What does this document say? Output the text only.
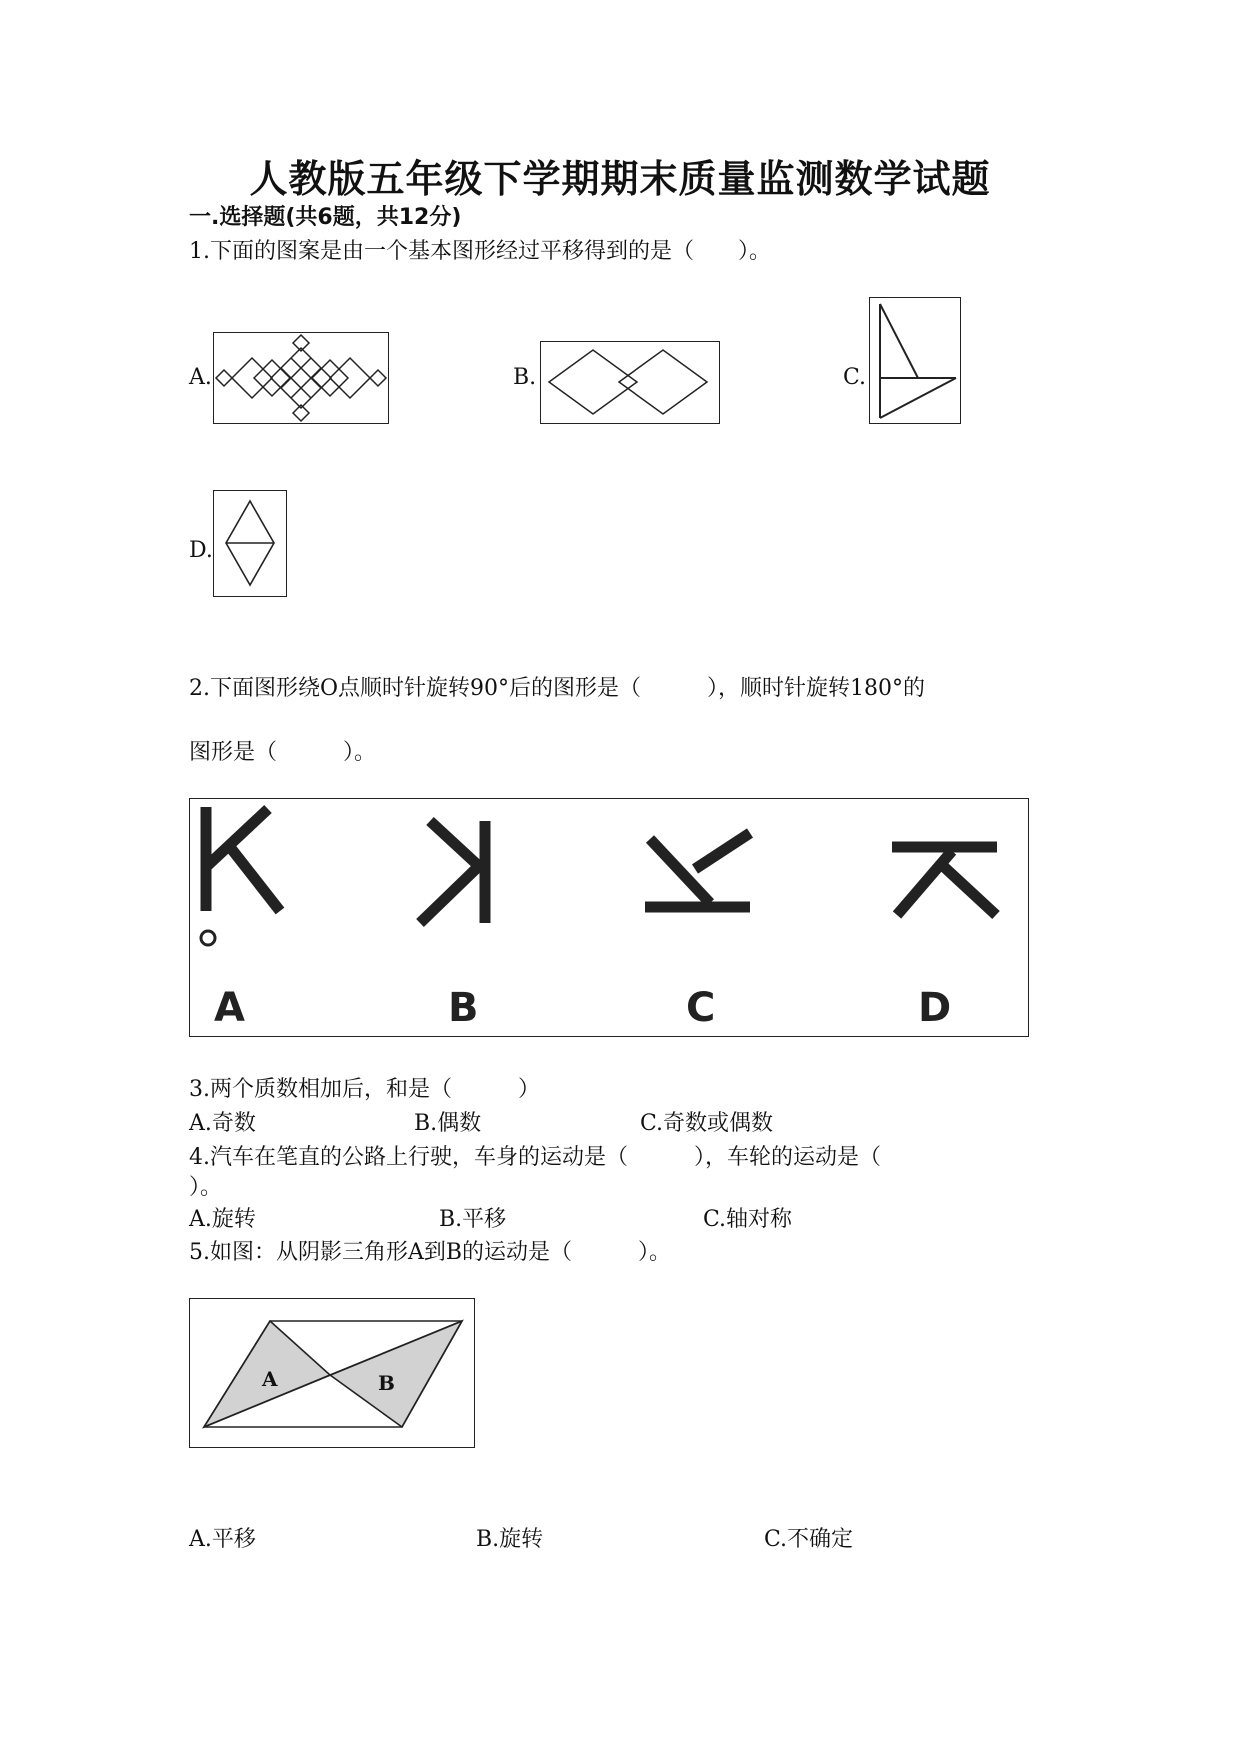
人教版五年级下学期期末质量监测数学试题
一.选择题(共6题，共12分)
1.下面的图案是由一个基本图形经过平移得到的是（　　）。
A.	B.	C.
D.
2.下面图形绕O点顺时针旋转90°后的图形是（　　　），顺时针旋转180°的
图形是（　　　）。
A	B	C	D
3.两个质数相加后，和是（　　　）
A.奇数	B.偶数	C.奇数或偶数
4.汽车在笔直的公路上行驶，车身的运动是（　　　），车轮的运动是（
）。
A.旋转	B.平移	C.轴对称
5.如图：从阴影三角形A到B的运动是（　　　）。
A	B
A.平移	B.旋转	C.不确定
